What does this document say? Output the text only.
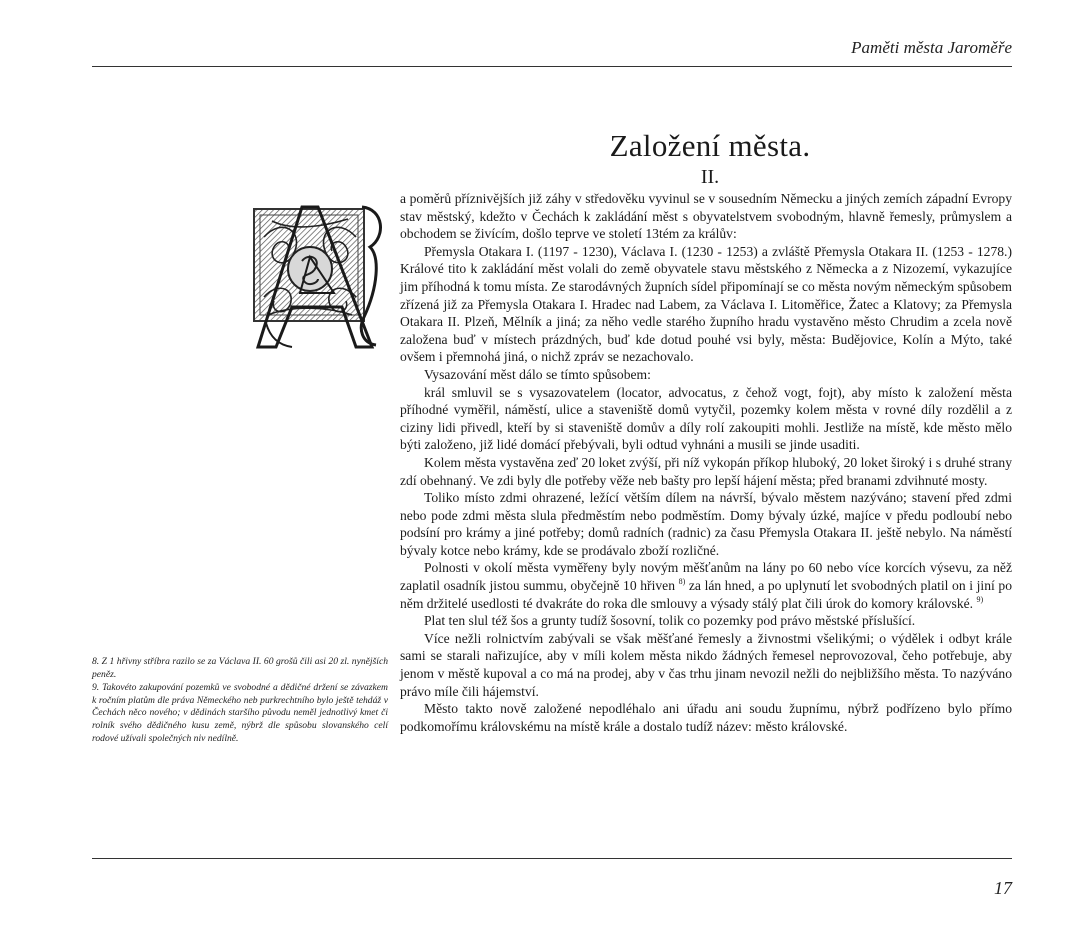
Paměti města Jaroměře
Založení města.
II.

a poměrů příznivějších již záhy v středověku vyvinul se v sousedním Německu a jiných zemích západní Evropy stav městský, kdežto v Čechách k zakládání měst s obyvatelstvem svobodným, hlavně řemesly, průmyslem a obchodem se živícím, došlo teprve ve století 13tém za králův:

Přemysla Otakara I. (1197 - 1230), Václava I. (1230 - 1253) a zvláště Přemysla Otakara II. (1253 - 1278.) Králové tito k zakládání měst volali do země obyvatele stavu městského z Německa a z Nizozemí, vykazujíce jim příhodná k tomu místa. Ze starodávných župních sídel připomínají se co města novým německým spůsobem zřízená již za Přemysla Otakara I. Hradec nad Labem, za Václava I. Litoměřice, Žatec a Klatovy; za Přemysla Otakara II. Plzeň, Mělník a jiná; za něho vedle starého župního hradu vystavěno město Chrudim a zcela nově založena buď v místech prázdných, buď kde dotud pouhé vsi byly, města: Budějovice, Kolín a Mýto, také ovšem i přemnohá jiná, o nichž zpráv se nezachovalo.

Vysazování měst dálo se tímto spůsobem:

král smluvil se s vysazovatelem (locator, advocatus, z čehož vogt, fojt), aby místo k založení města příhodné vyměřil, náměstí, ulice a staveniště domů vytyčil, pozemky kolem města v rovné díly rozdělil a z ciziny lidi přivedl, kteří by si staveniště domův a díly rolí zakoupiti mohli. Jestliže na místě, kde město mělo býti založeno, již lidé domácí přebývali, byli odtud vyhnáni a musili se jinde usaditi.

Kolem města vystavěna zeď 20 loket zvýší, při níž vykopán příkop hluboký, 20 loket široký i s druhé strany zdí obehnaný. Ve zdi byly dle potřeby věže neb bašty pro lepší hájení města; před branami zdvihnuté mosty.

Toliko místo zdmi ohrazené, ležící větším dílem na návrší, bývalo městem nazýváno; stavení před zdmi nebo pode zdmi města slula předměstím nebo podměstím. Domy bývaly úzké, majíce v předu podloubí nebo podsíní pro krámy a jiné potřeby; domů radních (radnic) za času Přemysla Otakara II. ještě nebylo. Na náměstí bývaly kotce nebo krámy, kde se prodávalo zboží rozličné.

Polnosti v okolí města vyměřeny byly novým měšťanům na lány po 60 nebo více korcích výsevu, za něž zaplatil osadník jistou summu, obyčejně 10 hřiven $^{8)}$ za lán hned, a po uplynutí let svobodných platil on i jiní po něm držitelé usedlosti té dvakráte do roka dle smlouvy a výsady stálý plat čili úrok do komory královské. $^{9)}$

Plat ten slul též šos a grunty tudíž šosovní, tolik co pozemky pod právo městské příslušící.

Více nežli rolnictvím zabývali se však měšťané řemesly a živnostmi všelikými; o výdělek i odbyt krále sami se starali nařizujíce, aby v míli kolem města nikdo žádných řemesel neprovozoval, čeho potřebuje, aby jenom v městě kupoval a co má na prodej, aby v čas trhu jinam nevozil nežli do nejbližšího města. To nazýváno právo míle čili hájemství.

Město takto nově založené nepodléhalo ani úřadu ani soudu župnímu, nýbrž podřízeno bylo přímo podkomořímu královskému na místě krále a dostalo tudíž název: město královské.

8. Z 1 hřivny stříbra razilo se za Václava II. 60 grošů čili asi 20 zl. nynějších peněz.

9. Takovéto zakupování pozemků ve svobodné a dědičné držení se závazkem k ročním platům dle práva Německého neb purkrechtního bylo ještě tehdáž v Čechách něco nového; v dědinách staršího původu neměl jednotlivý kmet či rolník svého dědičného kusu země, nýbrž dle spůsobu slovanského celí rodové užívali společných niv nedílně.

17
